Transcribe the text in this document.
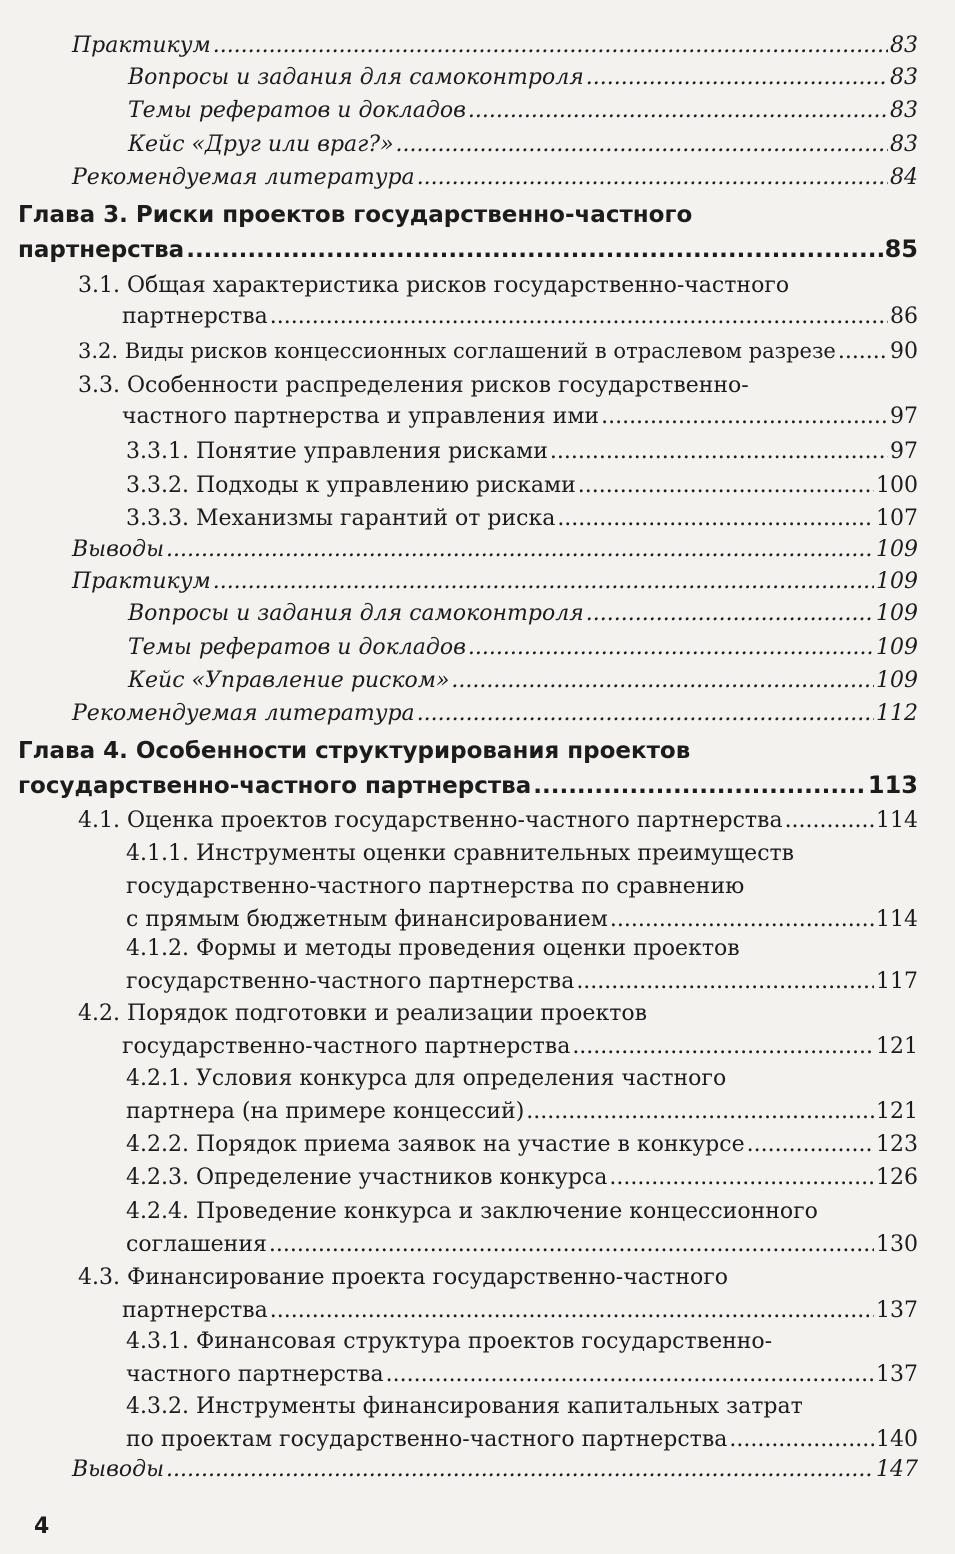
Практикум .....	83
Вопросы и задания для самоконтроля .....	83
Темы рефератов и докладов .....	83
Кейс «Друг или враг?» .....	83
Рекомендуемая литература .....	84
Глава 3. Риски проектов государственно-частного
партнерства .....	85
3.1. Общая характеристика рисков государственно-частного
партнерства .....	86
3.2. Виды рисков концессионных соглашений в отраслевом разрезе ..... 90
3.3. Особенности распределения рисков государственно-
частного партнерства и управления ими .....	97
3.3.1. Понятие управления рисками .....	97
3.3.2. Подходы к управлению рисками .....	100
3.3.3. Механизмы гарантий от риска .....	107
Выводы .....	109
Практикум .....	109
Вопросы и задания для самоконтроля .....	109
Темы рефератов и докладов .....	109
Кейс «Управление риском» .....	109
Рекомендуемая литература .....	112
Глава 4. Особенности структурирования проектов
государственно-частного партнерства .....	113
4.1. Оценка проектов государственно-частного партнерства .....	114
4.1.1. Инструменты оценки сравнительных преимуществ
государственно-частного партнерства по сравнению
с прямым бюджетным финансированием .....	114
4.1.2. Формы и методы проведения оценки проектов
государственно-частного партнерства .....	117
4.2. Порядок подготовки и реализации проектов
государственно-частного партнерства .....	121
4.2.1. Условия конкурса для определения частного
партнера (на примере концессий) .....	121
4.2.2. Порядок приема заявок на участие в конкурсе .....	123
4.2.3. Определение участников конкурса .....	126
4.2.4. Проведение конкурса и заключение концессионного
соглашения .....	130
4.3. Финансирование проекта государственно-частного
партнерства .....	137
4.3.1. Финансовая структура проектов государственно-
частного партнерства .....	137
4.3.2. Инструменты финансирования капитальных затрат
по проектам государственно-частного партнерства .....	140
Выводы .....	147
4
